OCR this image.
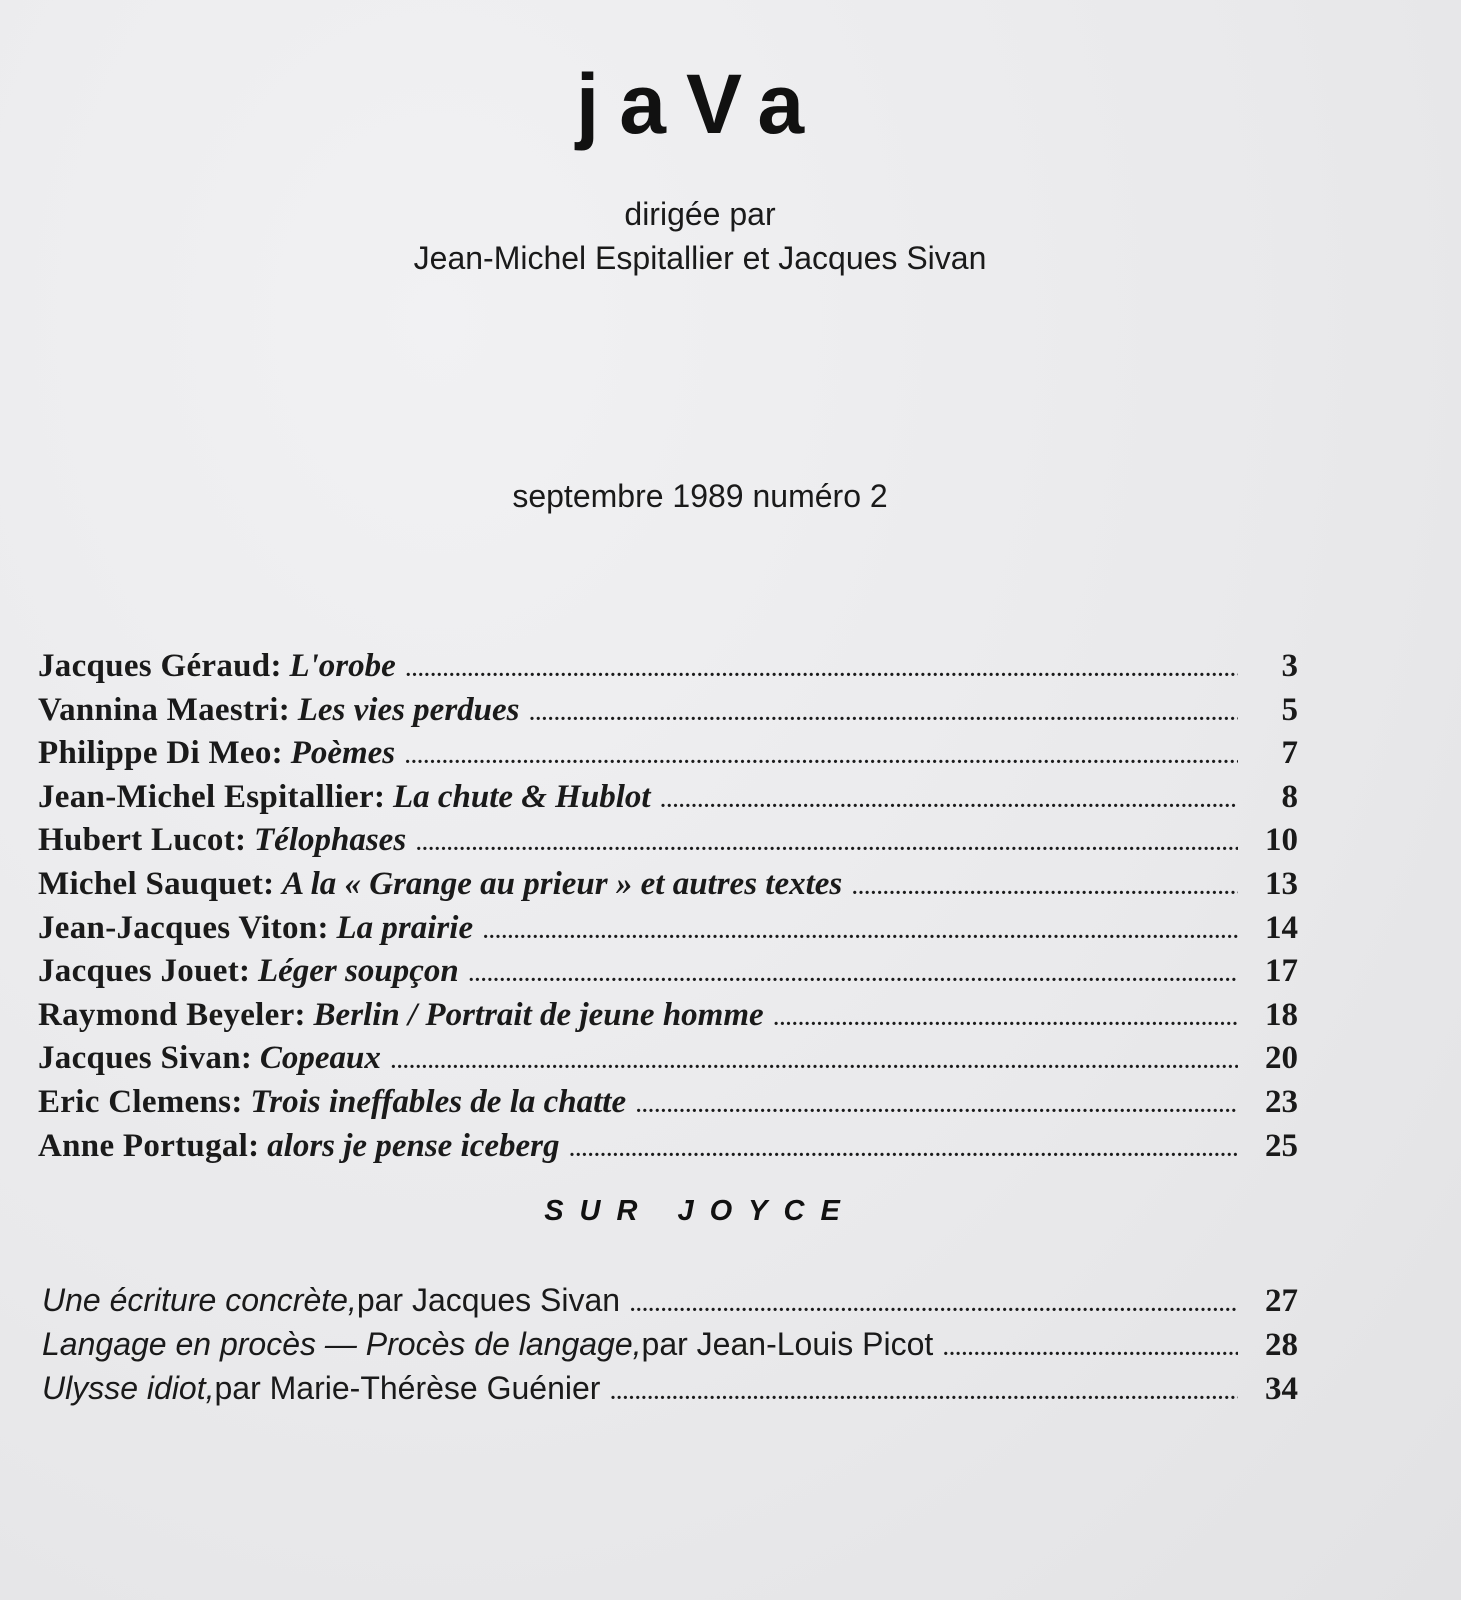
jaVa
dirigée par
Jean-Michel Espitallier et Jacques Sivan
septembre 1989 numéro 2
Jacques Géraud : L'orobe .....	3
Vannina Maestri : Les vies perdues .....	5
Philippe Di Meo : Poèmes .....	7
Jean-Michel Espitallier : La chute & Hublot .....	8
Hubert Lucot : Télophases .....	10
Michel Sauquet : A la « Grange au prieur » et autres textes .....	13
Jean-Jacques Viton : La prairie .....	14
Jacques Jouet : Léger soupçon .....	17
Raymond Beyeler : Berlin / Portrait de jeune homme .....	18
Jacques Sivan : Copeaux .....	20
Eric Clemens : Trois ineffables de la chatte .....	23
Anne Portugal : alors je pense iceberg .....	25
SUR JOYCE
Une écriture concrète, par Jacques Sivan .....	27
Langage en procès — Procès de langage, par Jean-Louis Picot .....	28
Ulysse idiot, par Marie-Thérèse Guénier .....	34
